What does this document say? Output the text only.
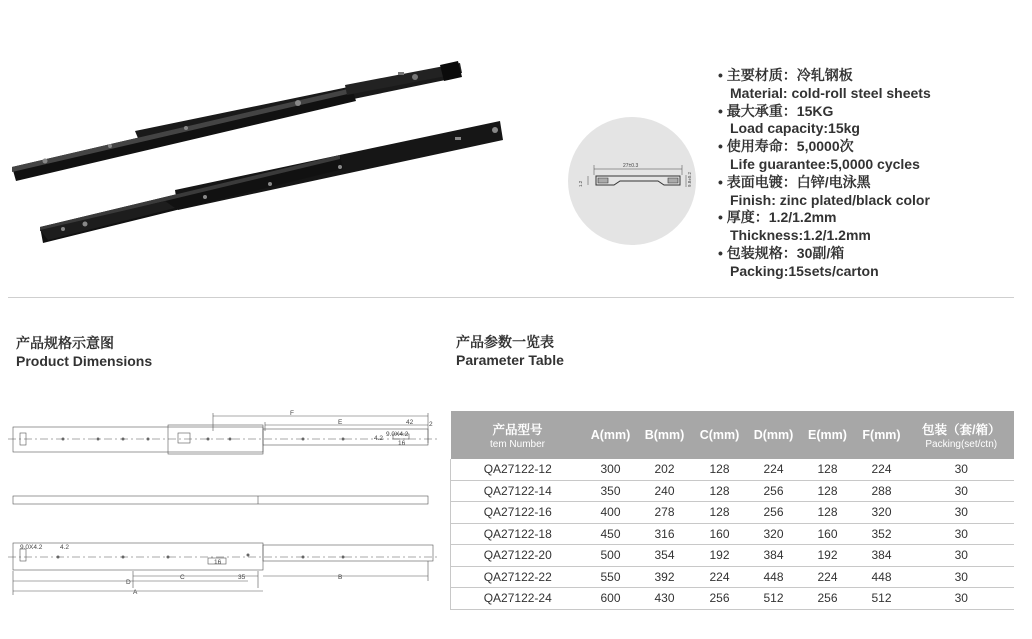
27±0.3
9.8±0.2
1.2
• 主要材质：冷轧钢板
Material: cold-roll steel sheets
• 最大承重：15KG
Load capacity:15kg
• 使用寿命：5,0000次
Life guarantee:5,0000 cycles
• 表面电镀：白锌/电泳黑
Finish: zinc plated/black color
• 厚度：1.2/1.2mm
Thickness:1.2/1.2mm
• 包装规格：30副/箱
Packing:15sets/carton
产品规格示意图
Product Dimensions
产品参数一览表
Parameter Table
F
E	42 2
9.0X4.2
4.2
16
9.0X4.2	4.2
16
C	35
D
B
A
产品型号
tem Number	A(mm)	B(mm)	C(mm)	D(mm)	E(mm)	F(mm)	包装（套/箱）
Packing(set/ctn)

QA27122-12	300	202	128	224	128	224	30
QA27122-14	350	240	128	256	128	288	30
QA27122-16	400	278	128	256	128	320	30
QA27122-18	450	316	160	320	160	352	30
QA27122-20	500	354	192	384	192	384	30
QA27122-22	550	392	224	448	224	448	30
QA27122-24	600	430	256	512	256	512	30
